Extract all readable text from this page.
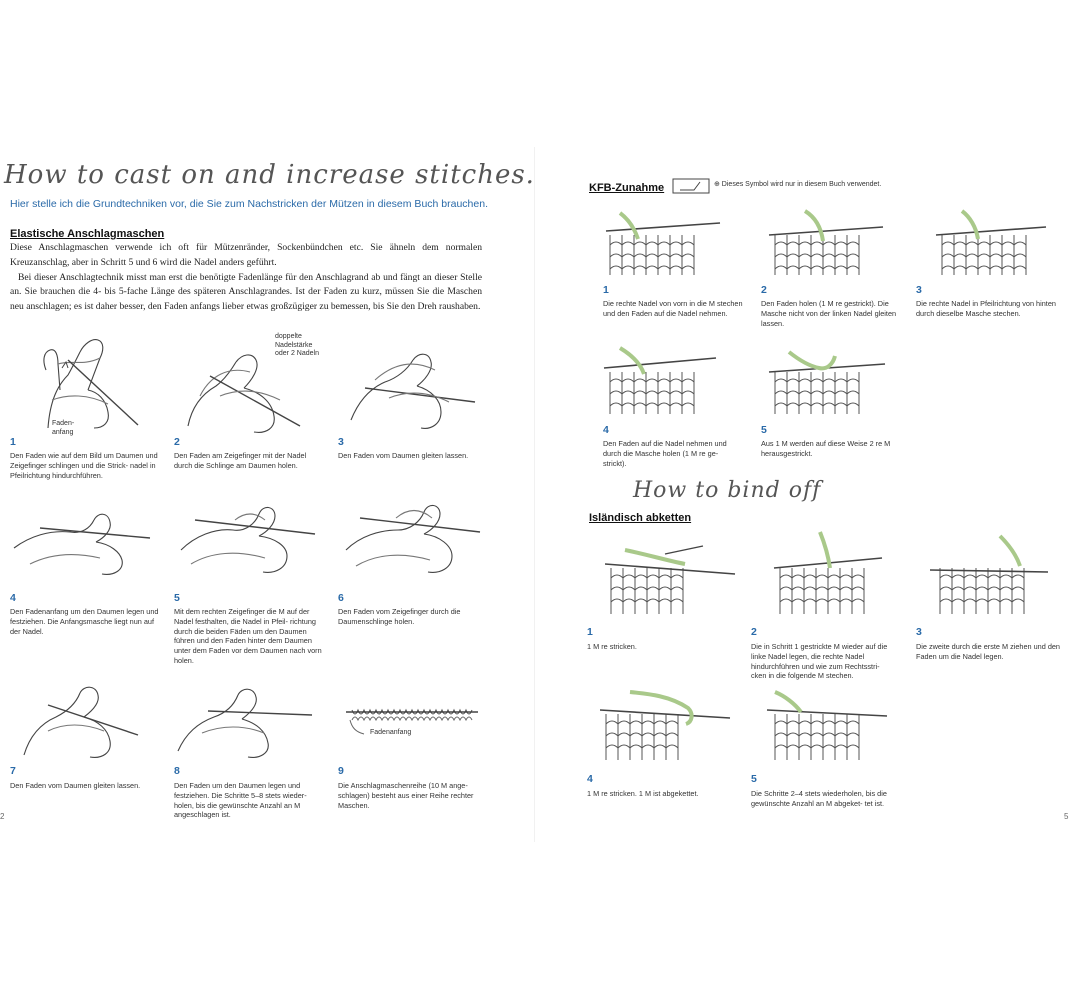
How to cast on and increase stitches.
Hier stelle ich die Grundtechniken vor, die Sie zum Nachstricken der Mützen in diesem Buch brauchen.
Elastische Anschlagmaschen

Diese Anschlagmaschen verwende ich oft für Mützenränder, Sockenbündchen etc. Sie ähneln dem normalen Kreuzanschlag, aber in Schritt 5 und 6 wird die Nadel anders geführt.

Bei dieser Anschlagtechnik misst man erst die benötigte Fadenlänge für den Anschlagrand ab und fängt an dieser Stelle an. Sie brauchen die 4- bis 5-fache Länge des späteren Anschlagrandes. Ist der Faden zu kurz, müssen Sie die Maschen neu anschlagen; es ist daher besser, den Faden anfangs lieber etwas großzügiger zu bemessen, bis Sie den Dreh raushaben.

Faden-
anfang
doppelte
Nadelstärke
oder 2 Nadeln
Fadenanfang
1
Den Faden wie auf dem Bild um Daumen und Zeigefinger schlingen und die Strick- nadel in Pfeilrichtung hindurchführen.
2
Den Faden am Zeigefinger mit der Nadel durch die Schlinge am Daumen holen.
3
Den Faden vom Daumen gleiten lassen.
4
Den Fadenanfang um den Daumen legen und festziehen. Die Anfangsmasche liegt nun auf der Nadel.
5
Mit dem rechten Zeigefinger die M auf der Nadel festhalten, die Nadel in Pfeil- richtung durch die beiden Fäden um den Daumen führen und den Faden hinter dem Daumen unter dem Faden vor dem Daumen nach vorn holen.
6
Den Faden vom Zeigefinger durch die Daumenschlinge holen.
7
Den Faden vom Daumen gleiten lassen.
8
Den Faden um den Daumen legen und festziehen. Die Schritte 5–8 stets wieder- holen, bis die gewünschte Anzahl an M angeschlagen ist.
9
Die Anschlagmaschenreihe (10 M ange- schlagen) besteht aus einer Reihe rechter Maschen.
2
KFB-Zunahme	⊕ Dieses Symbol wird nur in diesem Buch verwendet.
1
Die rechte Nadel von vorn in die M stechen und den Faden auf die Nadel nehmen.
2
Den Faden holen (1 M re gestrickt). Die Masche nicht von der linken Nadel gleiten lassen.
3
Die rechte Nadel in Pfeilrichtung von hinten durch dieselbe Masche stechen.
4
Den Faden auf die Nadel nehmen und durch die Masche holen (1 M re ge- strickt).
5
Aus 1 M werden auf diese Weise 2 re M herausgestrickt.
How to bind off
Isländisch abketten
1
1 M re stricken.
2
Die in Schritt 1 gestrickte M wieder auf die linke Nadel legen, die rechte Nadel hindurchführen und wie zum Rechtsstri- cken in die folgende M stechen.
3
Die zweite durch die erste M ziehen und den Faden um die Nadel legen.
4
1 M re stricken. 1 M ist abgekettet.
5
Die Schritte 2–4 stets wiederholen, bis die gewünschte Anzahl an M abgeket- tet ist.
5
